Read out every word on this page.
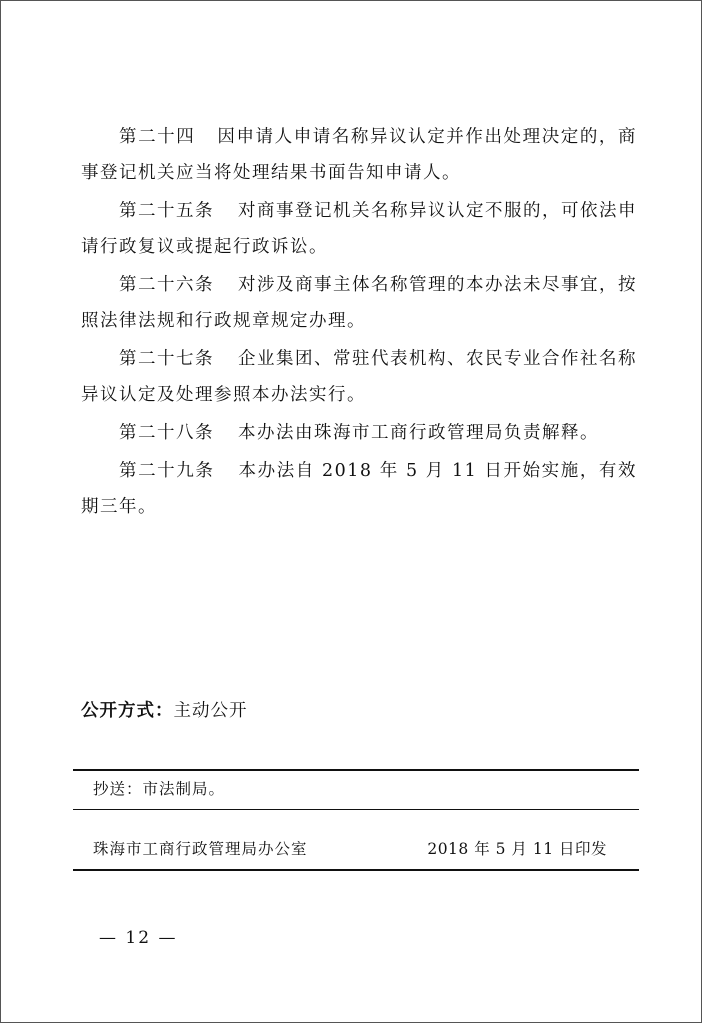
第二十四 因申请人申请名称异议认定并作出处理决定的，商事登记机关应当将处理结果书面告知申请人。

第二十五条 对商事登记机关名称异议认定不服的，可依法申请行政复议或提起行政诉讼。

第二十六条 对涉及商事主体名称管理的本办法未尽事宜，按照法律法规和行政规章规定办理。

第二十七条 企业集团、常驻代表机构、农民专业合作社名称异议认定及处理参照本办法实行。

第二十八条 本办法由珠海市工商行政管理局负责解释。

第二十九条 本办法自 2018 年 5 月 11 日开始实施，有效期三年。

公开方式：主动公开
抄送：市法制局。
珠海市工商行政管理局办公室	2018 年 5 月 11 日印发
— 12 —
